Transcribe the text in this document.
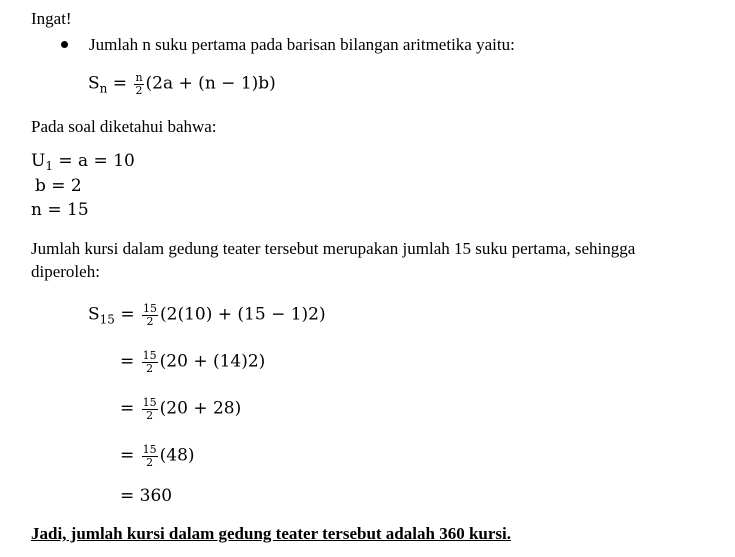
Ingat!
Jumlah n suku pertama pada barisan bilangan aritmetika yaitu:
$S_n = \frac{n}{2} (2a + (n - 1)b)$
Pada soal diketahui bahwa:
$U_1 = a = 10$
b = 2
n = 15
Jumlah kursi dalam gedung teater tersebut merupakan jumlah 15 suku pertama, sehingga
diperoleh:
$S_{15} = \frac{15}{2} (2(10) + (15 - 1)2)$
= $\frac{15}{2} (20 + (14)2)$
= $\frac{15}{2} (20 + 28)$
= $\frac{15}{2} (48)$
= 360
Jadi, jumlah kursi dalam gedung teater tersebut adalah 360 kursi.
